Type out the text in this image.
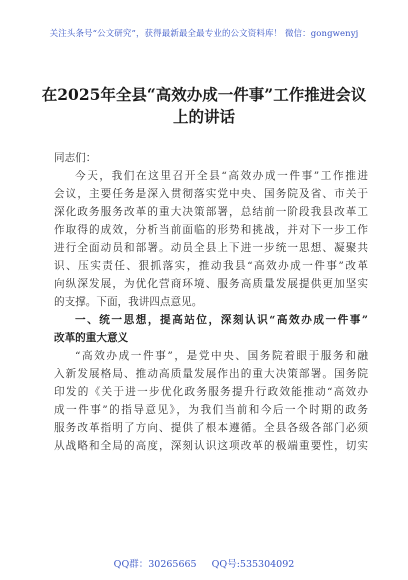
关注头条号“公文研究”，获得最新最全最专业的公文资料库！ 微信：gongwenyj
在2025年全县“高效办成一件事”工作推进会议
上的讲话
同志们：
今天，我们在这里召开全县“高效办成一件事”工作推进
会议，主要任务是深入贯彻落实党中央、国务院及省、市关于
深化政务服务改革的重大决策部署，总结前一阶段我县改革工
作取得的成效，分析当前面临的形势和挑战，并对下一步工作
进行全面动员和部署。动员全县上下进一步统一思想、凝聚共
识、压实责任、狠抓落实，推动我县“高效办成一件事”改革
向纵深发展，为优化营商环境、服务高质量发展提供更加坚实
的支撑。下面，我讲四点意见。
一、统一思想，提高站位，深刻认识“高效办成一件事”
改革的重大意义
“高效办成一件事”，是党中央、国务院着眼于服务和融
入新发展格局、推动高质量发展作出的重大决策部署。国务院
印发的《关于进一步优化政务服务提升行政效能推动“高效办
成一件事”的指导意见》，为我们当前和今后一个时期的政务
服务改革指明了方向、提供了根本遵循。全县各级各部门必须
从战略和全局的高度，深刻认识这项改革的极端重要性，切实
QQ群：30265665 QQ号:535304092
